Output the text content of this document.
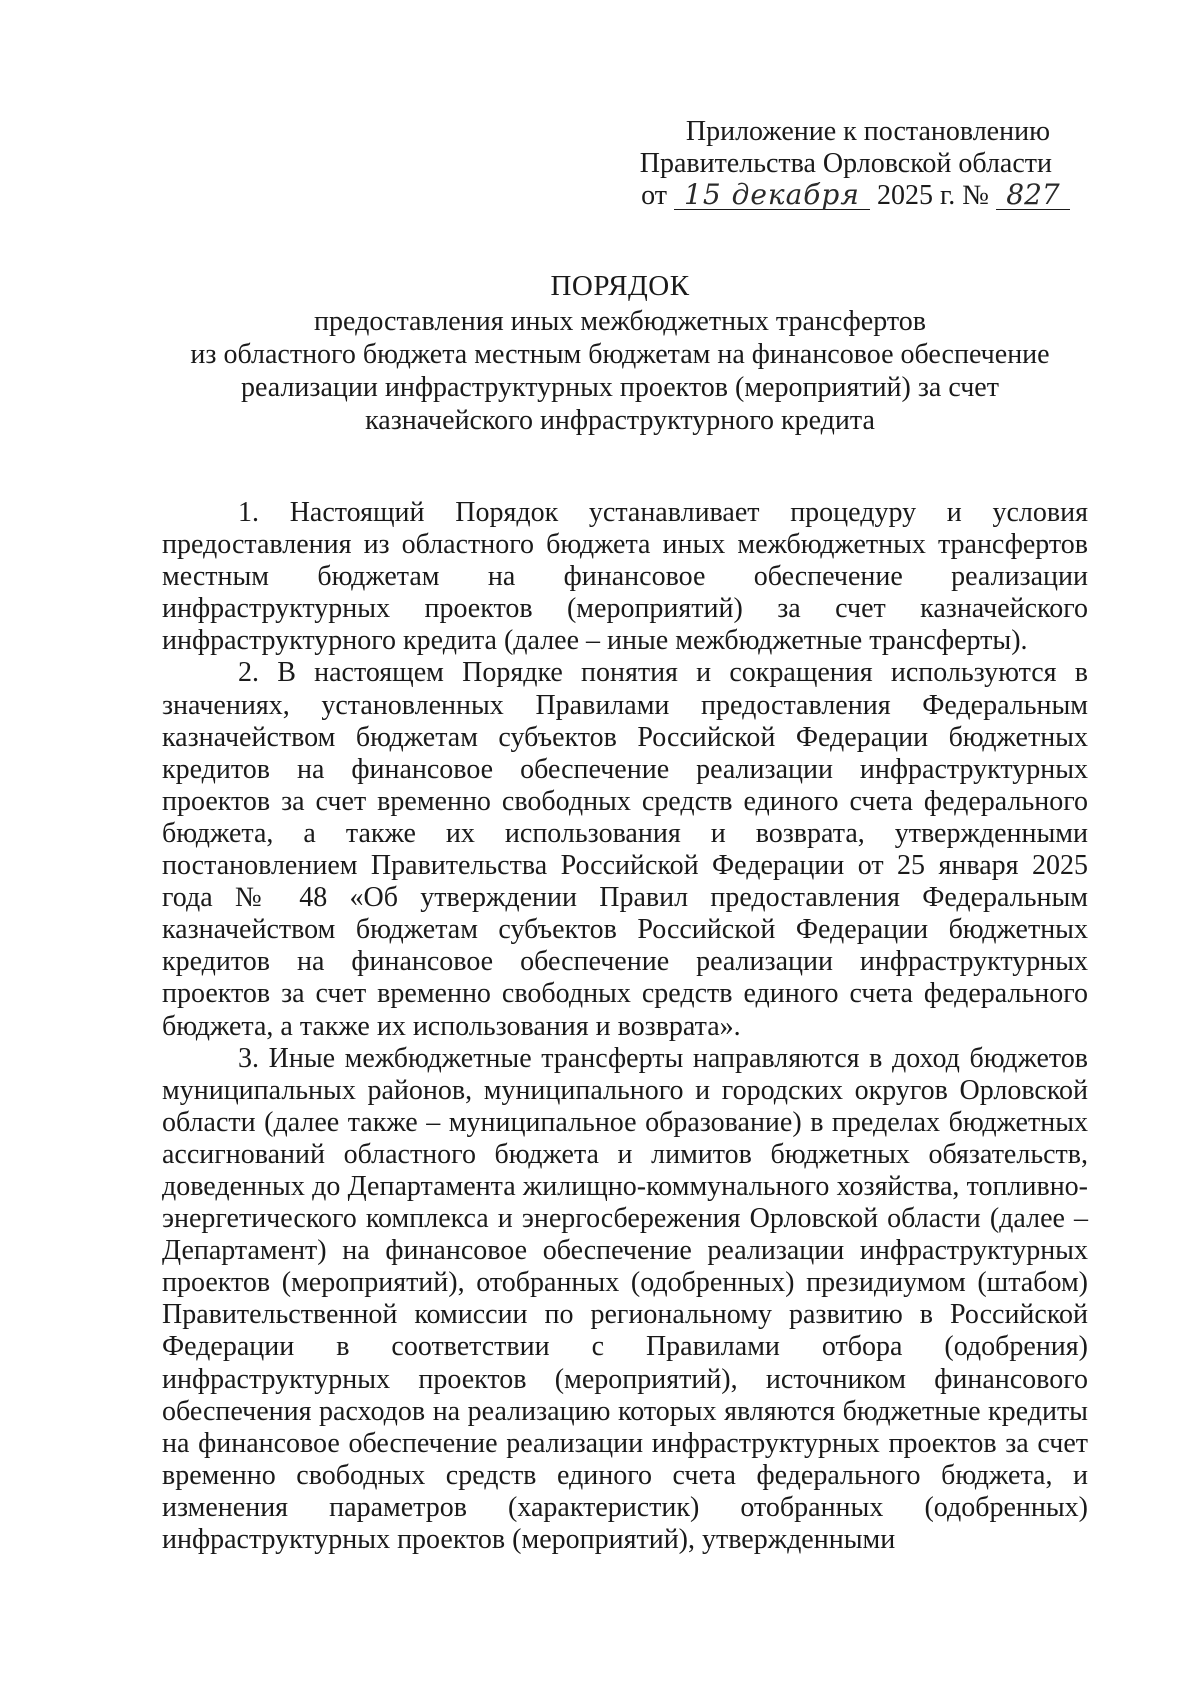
Приложение к постановлению
Правительства Орловской области
от 15 декабря 2025 г. № 827
ПОРЯДОК
предоставления иных межбюджетных трансфертов
из областного бюджета местным бюджетам на финансовое обеспечение
реализации инфраструктурных проектов (мероприятий) за счет
казначейского инфраструктурного кредита

1. Настоящий Порядок устанавливает процедуру и условия предоставления из областного бюджета иных межбюджетных трансфертов местным бюджетам на финансовое обеспечение реализации инфраструктурных проектов (мероприятий) за счет казначейского инфраструктурного кредита (далее – иные межбюджетные трансферты).

2. В настоящем Порядке понятия и сокращения используются в значениях, установленных Правилами предоставления Федеральным казначейством бюджетам субъектов Российской Федерации бюджетных кредитов на финансовое обеспечение реализации инфраструктурных проектов за счет временно свободных средств единого счета федерального бюджета, а также их использования и возврата, утвержденными постановлением Правительства Российской Федерации от 25 января 2025 года № 48 «Об утверждении Правил предоставления Федеральным казначейством бюджетам субъектов Российской Федерации бюджетных кредитов на финансовое обеспечение реализации инфраструктурных проектов за счет временно свободных средств единого счета федерального бюджета, а также их использования и возврата».

3. Иные межбюджетные трансферты направляются в доход бюджетов муниципальных районов, муниципального и городских округов Орловской области (далее также – муниципальное образование) в пределах бюджетных ассигнований областного бюджета и лимитов бюджетных обязательств, доведенных до Департамента жилищно-коммунального хозяйства, топливно-энергетического комплекса и энергосбережения Орловской области (далее – Департамент) на финансовое обеспечение реализации инфраструктурных проектов (мероприятий), отобранных (одобренных) президиумом (штабом) Правительственной комиссии по региональному развитию в Российской Федерации в соответствии с Правилами отбора (одобрения) инфраструктурных проектов (мероприятий), источником финансового обеспечения расходов на реализацию которых являются бюджетные кредиты на финансовое обеспечение реализации инфраструктурных проектов за счет временно свободных средств единого счета федерального бюджета, и изменения параметров (характеристик) отобранных (одобренных) инфраструктурных проектов (мероприятий), утвержденными
